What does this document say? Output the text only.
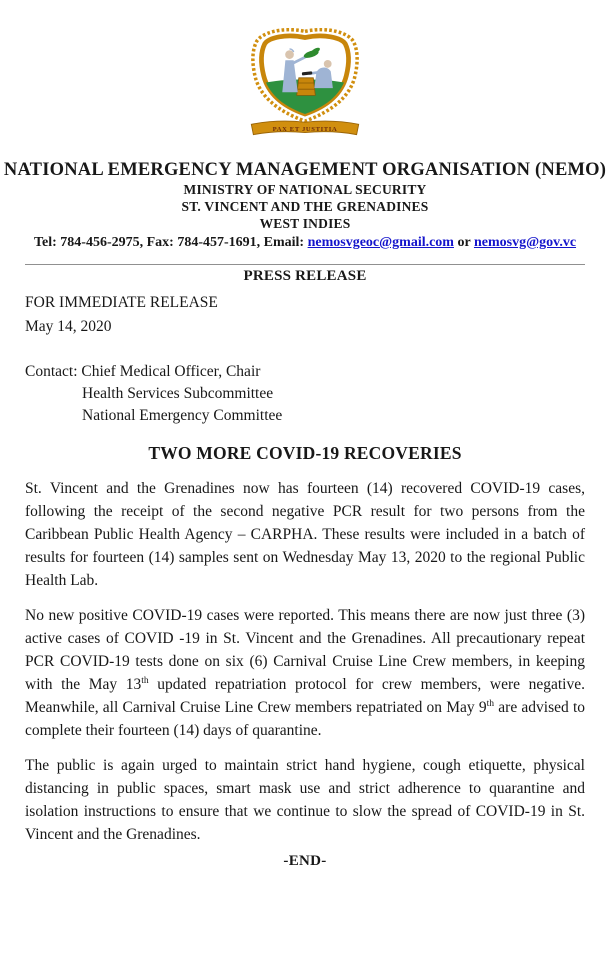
PAX ET JUSTITIA
NATIONAL EMERGENCY MANAGEMENT ORGANISATION (NEMO)
MINISTRY OF NATIONAL SECURITY
ST. VINCENT AND THE GRENADINES
WEST INDIES
Tel: 784-456-2975, Fax: 784-457-1691, Email: nemosvgeoc@gmail.com or nemosvg@gov.vc
PRESS RELEASE
FOR IMMEDIATE RELEASE
May 14, 2020
Contact: Chief Medical Officer, Chair
Health Services Subcommittee
National Emergency Committee
TWO MORE COVID-19 RECOVERIES

St. Vincent and the Grenadines now has fourteen (14) recovered COVID-19 cases, following the receipt of the second negative PCR result for two persons from the Caribbean Public Health Agency – CARPHA. These results were included in a batch of results for fourteen (14) samples sent on Wednesday May 13, 2020 to the regional Public Health Lab.

No new positive COVID-19 cases were reported. This means there are now just three (3) active cases of COVID -19 in St. Vincent and the Grenadines. All precautionary repeat PCR COVID-19 tests done on six (6) Carnival Cruise Line Crew members, in keeping with the May 13th updated repatriation protocol for crew members, were negative. Meanwhile, all Carnival Cruise Line Crew members repatriated on May 9th are advised to complete their fourteen (14) days of quarantine.

The public is again urged to maintain strict hand hygiene, cough etiquette, physical distancing in public spaces, smart mask use and strict adherence to quarantine and isolation instructions to ensure that we continue to slow the spread of COVID-19 in St. Vincent and the Grenadines.

-END-
